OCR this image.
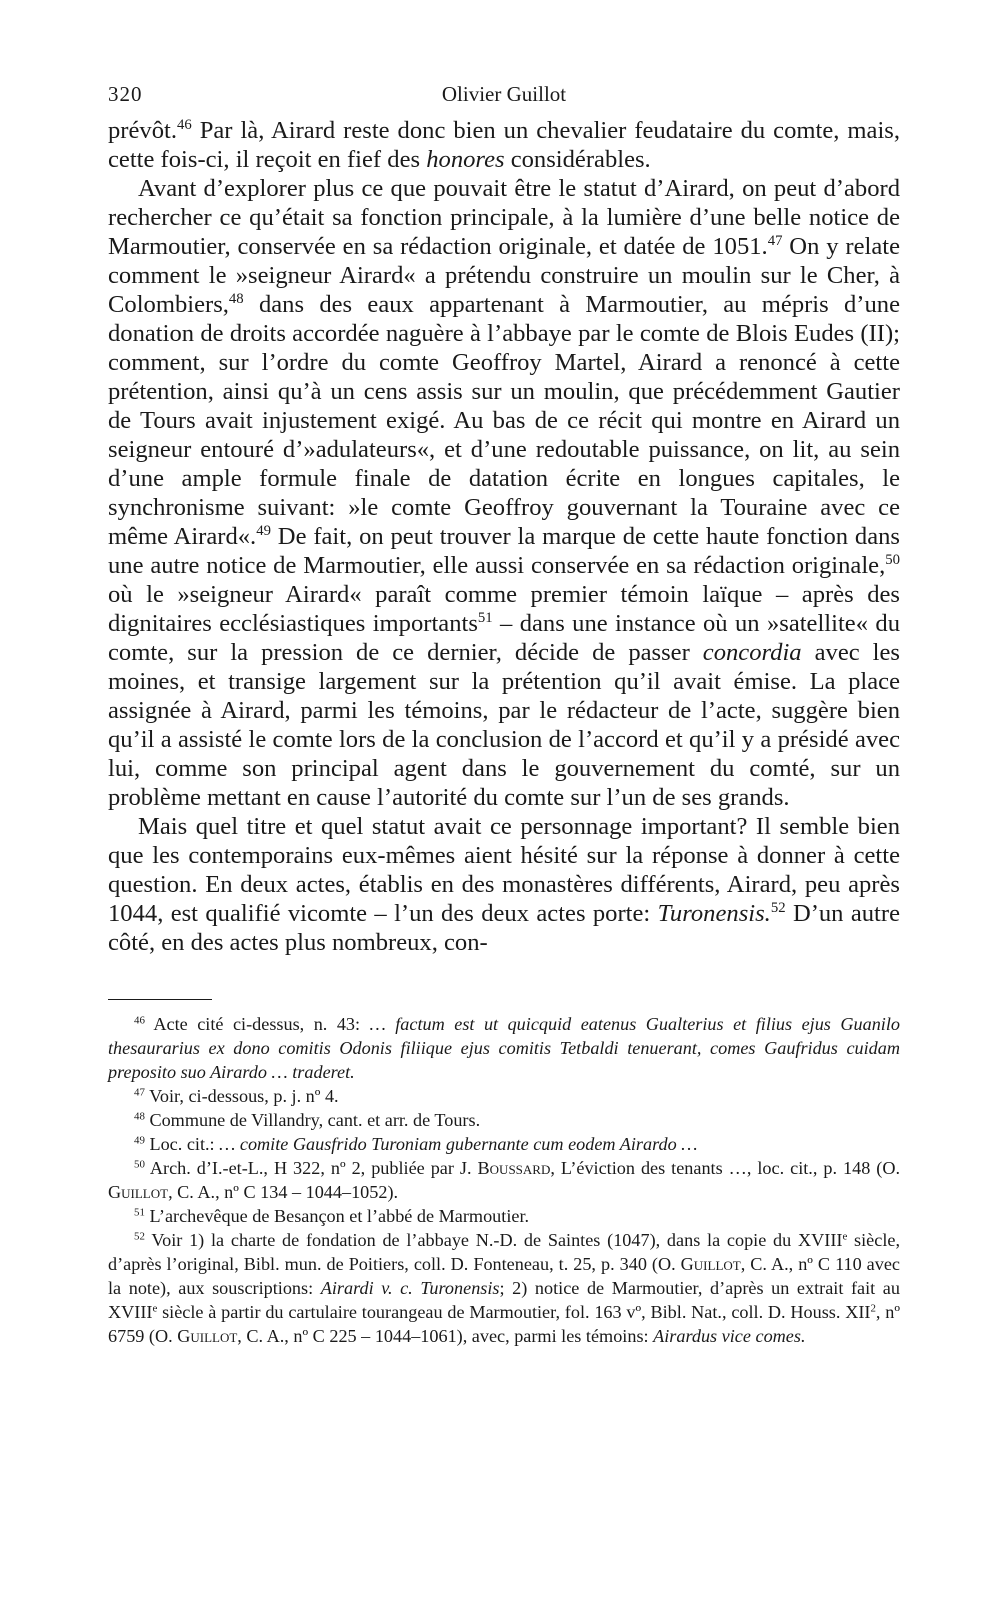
320	Olivier Guillot

prévôt.$^{46}$ Par là, Airard reste donc bien un chevalier feudataire du comte, mais, cette fois-ci, il reçoit en fief des honores considérables.

Avant d’explorer plus ce que pouvait être le statut d’Airard, on peut d’abord rechercher ce qu’était sa fonction principale, à la lumière d’une belle notice de Marmoutier, conservée en sa rédaction originale, et datée de 1051.47 On y relate comment le »seigneur Airard« a prétendu construire un moulin sur le Cher, à Colombiers,$^{48}$ dans des eaux appartenant à Marmoutier, au mépris d’une donation de droits accordée naguère à l’abbaye par le comte de Blois Eudes (II); comment, sur l’ordre du comte Geoffroy Martel, Airard a renoncé à cette prétention, ainsi qu’à un cens assis sur un moulin, que précédemment Gautier de Tours avait injustement exigé. Au bas de ce récit qui montre en Airard un seigneur entouré d’»adulateurs«, et d’une redoutable puissance, on lit, au sein d’une ample formule finale de datation écrite en longues capitales, le synchronisme suivant: »le comte Geoffroy gouvernant la Touraine avec ce même Airard«.$^{49}$ De fait, on peut trouver la marque de cette haute fonction dans une autre notice de Marmoutier, elle aussi conservée en sa rédaction originale,$^{50}$ où le »seigneur Airard« paraît comme premier témoin laïque – après des dignitaires ecclésiastiques importants$^{51}$ – dans une instance où un »satellite« du comte, sur la pression de ce dernier, décide de passer concordia avec les moines, et transige largement sur la prétention qu’il avait émise. La place assignée à Airard, parmi les témoins, par le rédacteur de l’acte, suggère bien qu’il a assisté le comte lors de la conclusion de l’accord et qu’il y a présidé avec lui, comme son principal agent dans le gouvernement du comté, sur un problème mettant en cause l’autorité du comte sur l’un de ses grands.

Mais quel titre et quel statut avait ce personnage important? Il semble bien que les contemporains eux-mêmes aient hésité sur la réponse à donner à cette question. En deux actes, établis en des monastères différents, Airard, peu après 1044, est qualifié vicomte – l’un des deux actes porte: Turonensis.$^{52}$ D’un autre côté, en des actes plus nombreux, con-

$^{46}$ Acte cité ci-dessus, n. 43: … factum est ut quicquid eatenus Gualterius et filius ejus Guanilo thesaurarius ex dono comitis Odonis filiique ejus comitis Tetbaldi tenuerant, comes Gaufridus cuidam preposito suo Airardo … traderet.

$^{47}$ Voir, ci-dessous, p. j. nº 4.

$^{48}$ Commune de Villandry, cant. et arr. de Tours.

$^{49}$ Loc. cit.: … comite Gausfrido Turoniam gubernante cum eodem Airardo …

$^{50}$ Arch. d’I.-et-L., H 322, nº 2, publiée par J. Boussard, L’éviction des tenants …, loc. cit., p. 148 (O. Guillot, C. A., nº C 134 – 1044–1052).

$^{51}$ L’archevêque de Besançon et l’abbé de Marmoutier.

$^{52}$ Voir 1) la charte de fondation de l’abbaye N.-D. de Saintes (1047), dans la copie du XVIIIe siècle, d’après l’original, Bibl. mun. de Poitiers, coll. D. Fonteneau, t. 25, p. 340 (O. Guillot, C. A., nº C 110 avec la note), aux souscriptions: Airardi v. c. Turonensis; 2) notice de Marmoutier, d’après un extrait fait au XVIIIe siècle à partir du cartulaire tourangeau de Marmoutier, fol. 163 vº, Bibl. Nat., coll. D. Houss. XII$^2$, nº 6759 (O. Guillot, C. A., nº C 225 – 1044–1061), avec, parmi les témoins: Airardus vice comes.
